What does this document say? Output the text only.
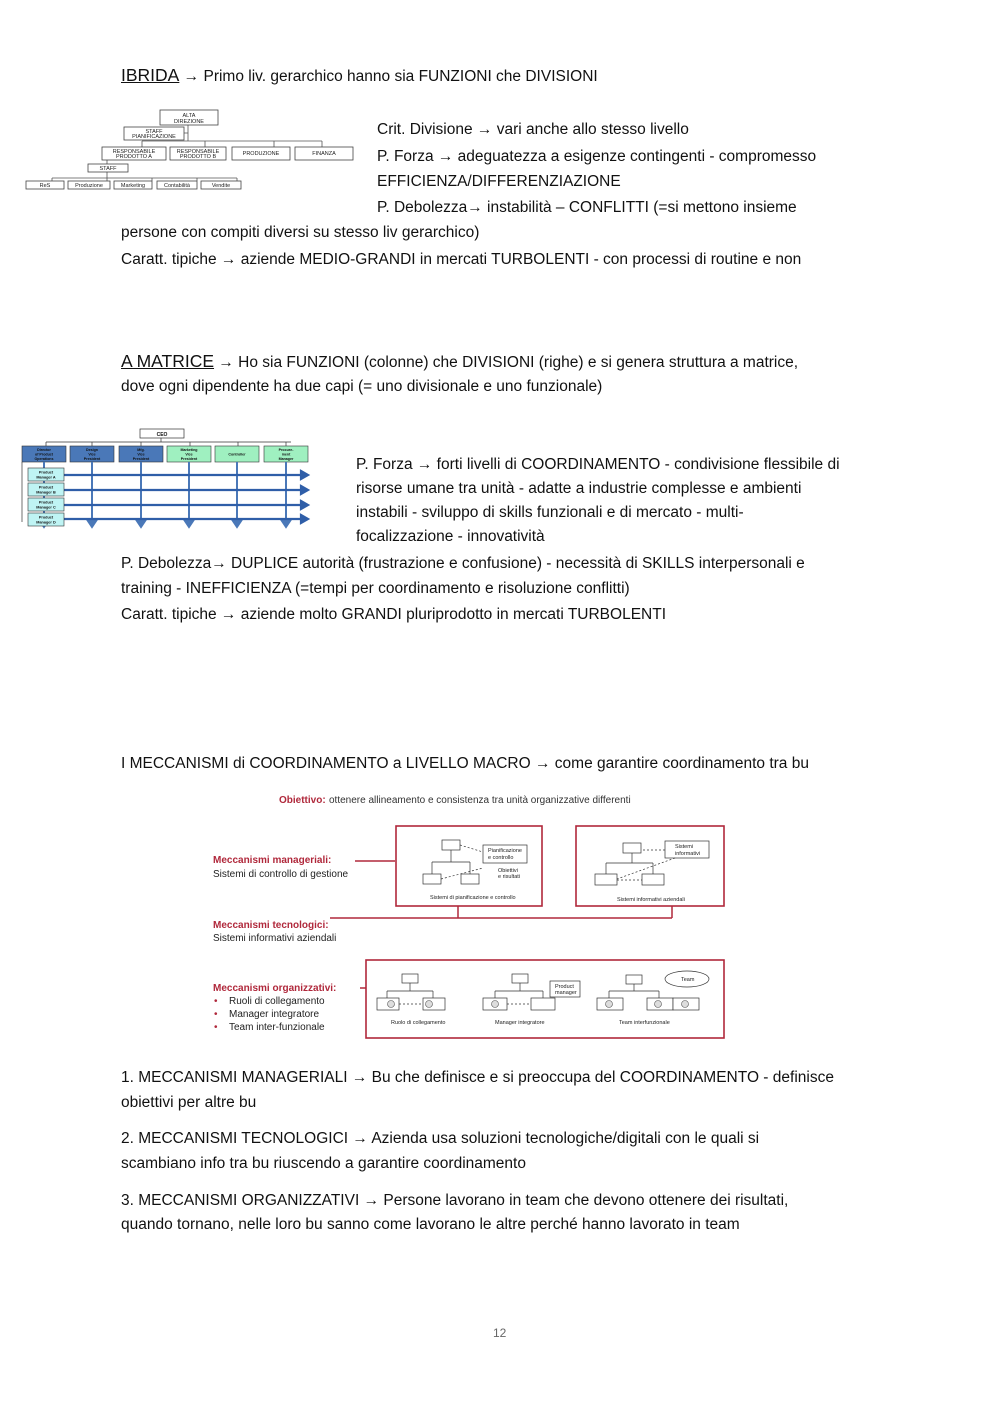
IBRIDA → Primo liv. gerarchico hanno sia FUNZIONI che DIVISIONI
ALTA
DIREZIONE
STAFF
PIANIFICAZIONE
RESPONSABILE
PRODOTTO A
RESPONSABILE
PRODOTTO B	PRODUZIONE	FINANZA
STAFF
ReS	Produzione	Marketing	Contabilità	Vendite
Crit. Divisione → vari anche allo stesso livello
P. Forza → adeguatezza a esigenze contingenti - compromesso
EFFICIENZA/DIFFERENZIAZIONE
P. Debolezza→ instabilità – CONFLITTI (=si mettono insieme
persone con compiti diversi su stesso liv gerarchico)
Caratt. tipiche → aziende MEDIO-GRANDI in mercati TURBOLENTI - con processi di routine e non
A MATRICE → Ho sia FUNZIONI (colonne) che DIVISIONI (righe) e si genera struttura a matrice,
dove ogni dipendente ha due capi (= uno divisionale e uno funzionale)
CEO
Director
of Product
Operations
Design
Vice
President
Mfg.
Vice
President
Marketing
Vice
President
Controller
Procure-
ment
Manager
Product
Manager A
Product
Manager B
Product
Manager C
Product
Manager D
P. Forza → forti livelli di COORDINAMENTO - condivisione flessibile di
risorse umane tra unità - adatte a industrie complesse e ambienti
instabili - sviluppo di skills funzionali e di mercato - multi-
focalizzazione - innovatività
P. Debolezza→ DUPLICE autorità (frustrazione e confusione) - necessità di SKILLS interpersonali e
training - INEFFICIENZA (=tempi per coordinamento e risoluzione conflitti)
Caratt. tipiche → aziende molto GRANDI pluriprodotto in mercati TURBOLENTI
I MECCANISMI di COORDINAMENTO a LIVELLO MACRO → come garantire coordinamento tra bu
Obiettivo: ottenere allineamento e consistenza tra unità organizzative differenti
Pianificazione
e controllo
Obiettivi
e risultati
Sistemi di pianificazione e controllo
Sistemi
informativi
Sistemi informativi aziendali
Product
manager
Team
Ruolo di collegamento	Manager integratore	Team interfunzionale
Meccanismi manageriali:
Sistemi di controllo di gestione
Meccanismi tecnologici:
Sistemi informativi aziendali
Meccanismi organizzativi:
• Ruoli di collegamento
• Manager integratore
• Team inter-funzionale
1. MECCANISMI MANAGERIALI → Bu che definisce e si preoccupa del COORDINAMENTO - definisce
obiettivi per altre bu
2. MECCANISMI TECNOLOGICI → Azienda usa soluzioni tecnologiche/digitali con le quali si
scambiano info tra bu riuscendo a garantire coordinamento
3. MECCANISMI ORGANIZZATIVI → Persone lavorano in team che devono ottenere dei risultati,
quando tornano, nelle loro bu sanno come lavorano le altre perché hanno lavorato in team
12
